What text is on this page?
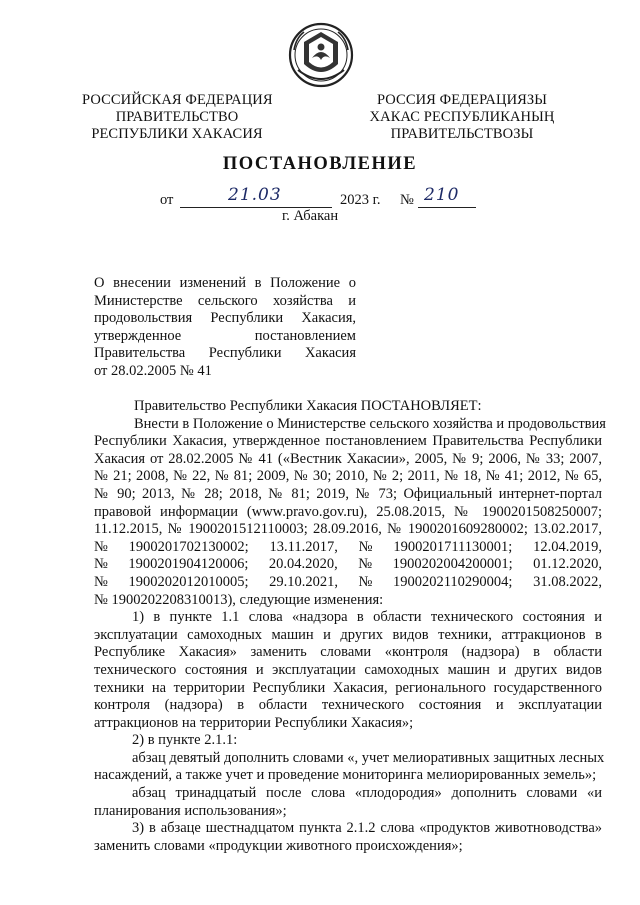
РОССИЙСКАЯ ФЕДЕРАЦИЯ
ПРАВИТЕЛЬСТВО
РЕСПУБЛИКИ ХАКАСИЯ
РОССИЯ ФЕДЕРАЦИЯЗЫ
ХАКАС РЕСПУБЛИКАНЫҢ
ПРАВИТЕЛЬСТВОЗЫ
ПОСТАНОВЛЕНИЕ
от	21.03	2023 г. № 210
г. Абакан
О внесении изменений в Положение о
Министерстве сельского хозяйства и
продовольствия Республики Хакасия,
утвержденное постановлением
Правительства Республики Хакасия
от 28.02.2005 № 41
Правительство Республики Хакасия ПОСТАНОВЛЯЕТ:
Внести в Положение о Министерстве сельского хозяйства и продовольствия
Республики Хакасия, утвержденное постановлением Правительства Республики
Хакасия от 28.02.2005 № 41 («Вестник Хакасии», 2005, № 9; 2006, № 33; 2007,
№ 21; 2008, № 22, № 81; 2009, № 30; 2010, № 2; 2011, № 18, № 41; 2012, № 65,
№ 90; 2013, № 28; 2018, № 81; 2019, № 73; Официальный интернет-портал
правовой информации (www.pravo.gov.ru), 25.08.2015, № 1900201508250007;
11.12.2015, № 1900201512110003; 28.09.2016, № 1900201609280002; 13.02.2017,
№ 1900201702130002; 13.11.2017, № 1900201711130001; 12.04.2019,
№ 1900201904120006; 20.04.2020, № 1900202004200001; 01.12.2020,
№ 1900202012010005; 29.10.2021, № 1900202110290004; 31.08.2022,
№ 1900202208310013), следующие изменения:
1) в пункте 1.1 слова «надзора в области технического состояния и
эксплуатации самоходных машин и других видов техники, аттракционов в
Республике Хакасия» заменить словами «контроля (надзора) в области
технического состояния и эксплуатации самоходных машин и других видов
техники на территории Республики Хакасия, регионального государственного
контроля (надзора) в области технического состояния и эксплуатации
аттракционов на территории Республики Хакасия»;
2) в пункте 2.1.1:
абзац девятый дополнить словами «, учет мелиоративных защитных лесных
насаждений, а также учет и проведение мониторинга мелиорированных земель»;
абзац тринадцатый после слова «плодородия» дополнить словами «и
планирования использования»;
3) в абзаце шестнадцатом пункта 2.1.2 слова «продуктов животноводства»
заменить словами «продукции животного происхождения»;
